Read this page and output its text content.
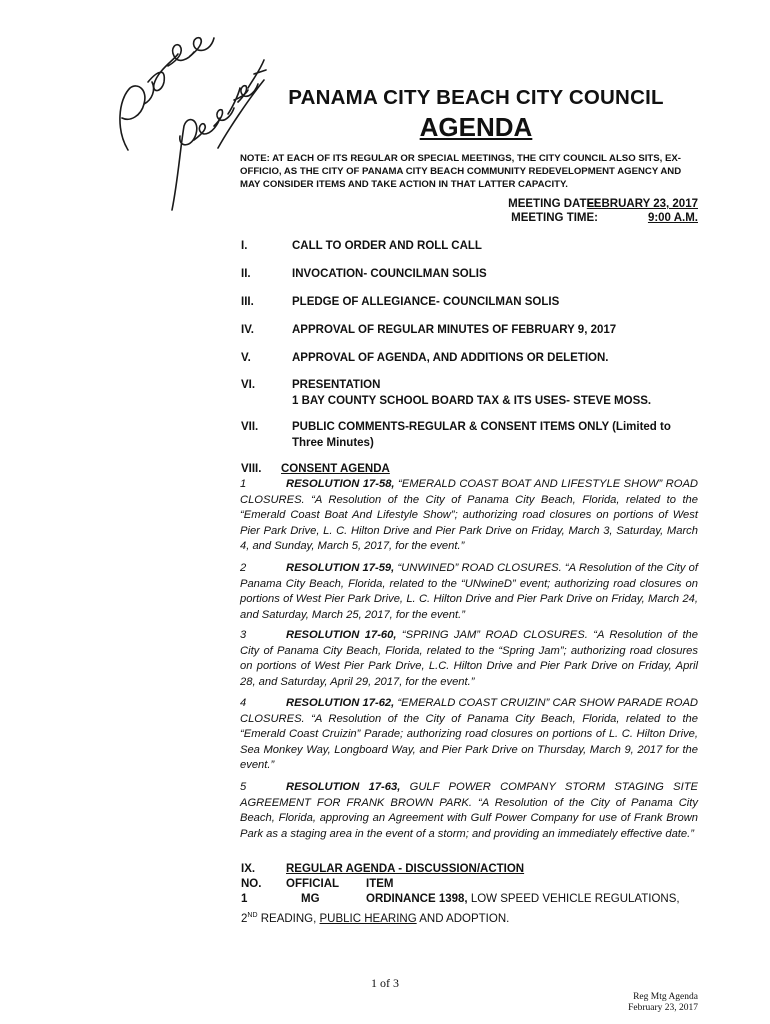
PANAMA CITY BEACH CITY COUNCIL
AGENDA
NOTE: AT EACH OF ITS REGULAR OR SPECIAL MEETINGS, THE CITY COUNCIL ALSO SITS, EX-OFFICIO, AS THE CITY OF PANAMA CITY BEACH COMMUNITY REDEVELOPMENT AGENCY AND MAY CONSIDER ITEMS AND TAKE ACTION IN THAT LATTER CAPACITY.
MEETING DATE:
FEBRUARY 23, 2017
MEETING TIME:	9:00 A.M.
I.	CALL TO ORDER AND ROLL CALL
II.	INVOCATION- COUNCILMAN SOLIS
III.	PLEDGE OF ALLEGIANCE- COUNCILMAN SOLIS
IV.	APPROVAL OF REGULAR MINUTES OF FEBRUARY 9, 2017
V.	APPROVAL OF AGENDA, AND ADDITIONS OR DELETION.
VI.	PRESENTATION
1 BAY COUNTY SCHOOL BOARD TAX & ITS USES- STEVE MOSS.
VII.	PUBLIC COMMENTS-REGULAR & CONSENT ITEMS ONLY (Limited to Three Minutes)
VIII. CONSENT AGENDA
1	RESOLUTION 17-58, “EMERALD COAST BOAT AND LIFESTYLE SHOW” ROAD CLOSURES. “A Resolution of the City of Panama City Beach, Florida, related to the “Emerald Coast Boat And Lifestyle Show”; authorizing road closures on portions of West Pier Park Drive, L. C. Hilton Drive and Pier Park Drive on Friday, March 3, Saturday, March 4, and Sunday, March 5, 2017, for the event.”
2	RESOLUTION 17-59, “UNWINED” ROAD CLOSURES. “A Resolution of the City of Panama City Beach, Florida, related to the “UNwineD” event; authorizing road closures on portions of West Pier Park Drive, L. C. Hilton Drive and Pier Park Drive on Friday, March 24, and Saturday, March 25, 2017, for the event.”
3	RESOLUTION 17-60, “SPRING JAM” ROAD CLOSURES. “A Resolution of the City of Panama City Beach, Florida, related to the “Spring Jam”; authorizing road closures on portions of West Pier Park Drive, L.C. Hilton Drive and Pier Park Drive on Friday, April 28, and Saturday, April 29, 2017, for the event.”
4	RESOLUTION 17-62, “EMERALD COAST CRUIZIN” CAR SHOW PARADE ROAD CLOSURES. “A Resolution of the City of Panama City Beach, Florida, related to the “Emerald Coast Cruizin” Parade; authorizing road closures on portions of L. C. Hilton Drive, Sea Monkey Way, Longboard Way, and Pier Park Drive on Thursday, March 9, 2017 for the event.”
5	RESOLUTION 17-63, GULF POWER COMPANY STORM STAGING SITE AGREEMENT FOR FRANK BROWN PARK. “A Resolution of the City of Panama City Beach, Florida, approving an Agreement with Gulf Power Company for use of Frank Brown Park as a staging area in the event of a storm; and providing an immediately effective date.”
IX.	REGULAR AGENDA - DISCUSSION/ACTION
NO. OFFICIAL ITEM
1	MG	ORDINANCE 1398, LOW SPEED VEHICLE REGULATIONS,
2ND READING, PUBLIC HEARING AND ADOPTION.
1 of 3
Reg Mtg Agenda
February 23, 2017
